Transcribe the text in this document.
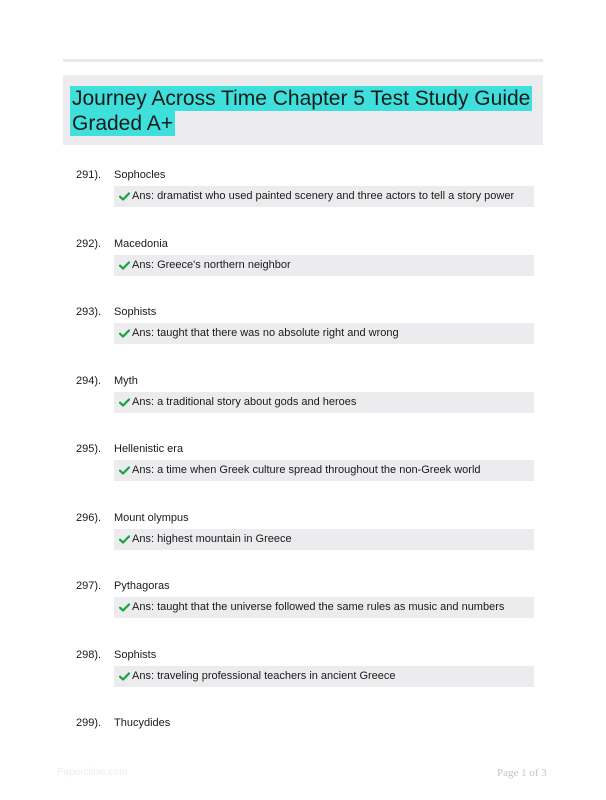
Journey Across Time Chapter 5 Test Study Guide Graded A+
291). Sophocles
Ans: dramatist who used painted scenery and three actors to tell a story power
292). Macedonia
Ans: Greece's northern neighbor
293). Sophists
Ans: taught that there was no absolute right and wrong
294). Myth
Ans: a traditional story about gods and heroes
295). Hellenistic era
Ans: a time when Greek culture spread throughout the non-Greek world
296). Mount olympus
Ans: highest mountain in Greece
297). Pythagoras
Ans: taught that the universe followed the same rules as music and numbers
298). Sophists
Ans: traveling professional teachers in ancient Greece
299). Thucydides
Paperclinic.com	Page 1 of 3
